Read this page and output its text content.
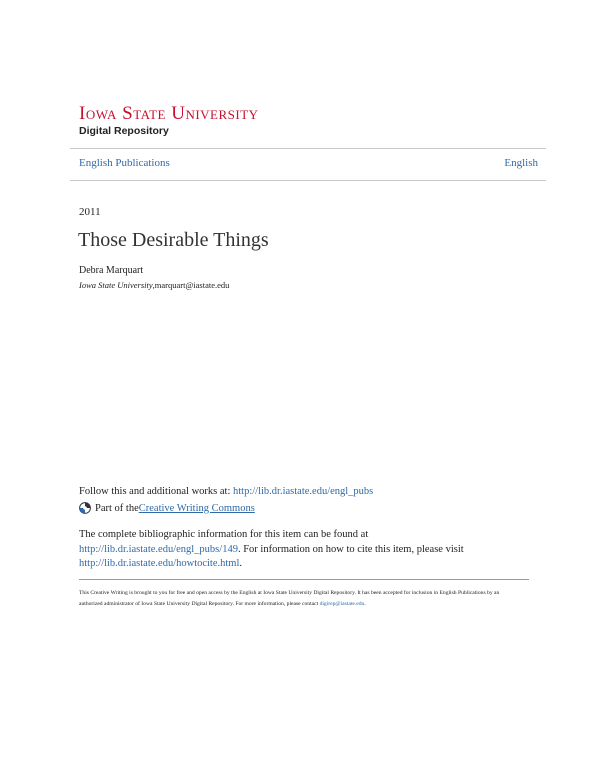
Iowa State University
Digital Repository
English Publications	English
2011
Those Desirable Things
Debra Marquart
Iowa State University,marquart@iastate.edu
Follow this and additional works at: http://lib.dr.iastate.edu/engl_pubs
Part of the Creative Writing Commons
The complete bibliographic information for this item can be found at http://lib.dr.iastate.edu/engl_pubs/149. For information on how to cite this item, please visit http://lib.dr.iastate.edu/howtocite.html.
This Creative Writing is brought to you for free and open access by the English at Iowa State University Digital Repository. It has been accepted for inclusion in English Publications by an authorized administrator of Iowa State University Digital Repository. For more information, please contact digirep@iastate.edu.
